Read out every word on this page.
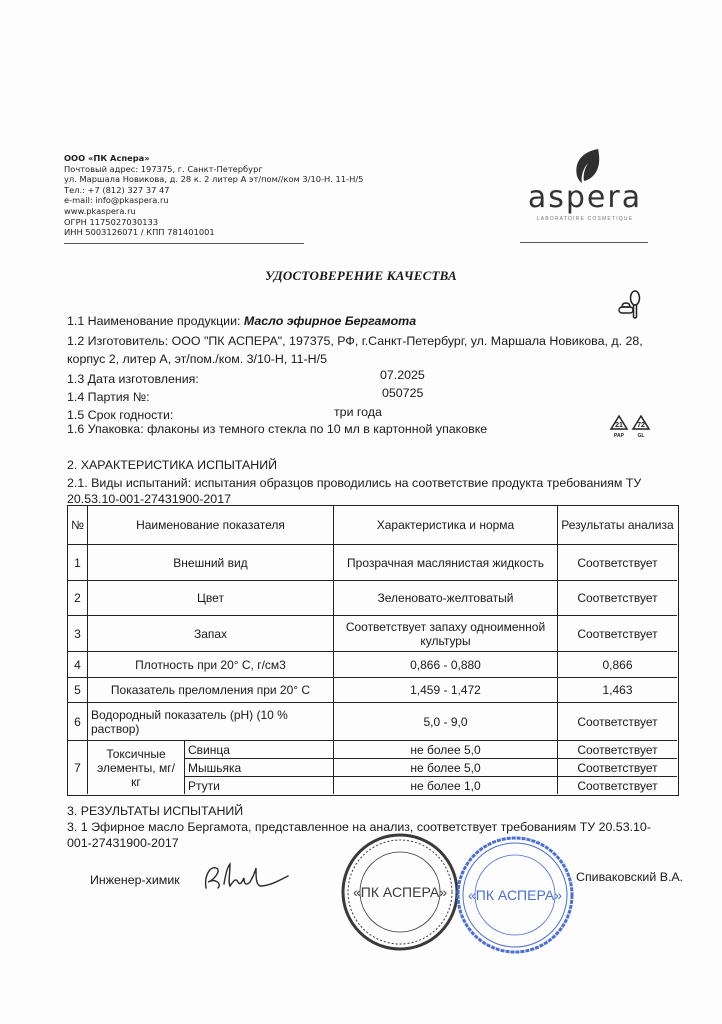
ООО «ПК Аспера»
Почтовый адрес: 197375, г. Санкт-Петербург
ул. Маршала Новикова, д. 28 к. 2 литер А эт/пом//ком 3/10-Н. 11-Н/5
Тел.: +7 (812) 327 37 47
e-mail: info@pkaspera.ru
www.pkaspera.ru
ОГРН 1175027030133
ИНН 5003126071 / КПП 781401001
aspera
LABORATOIRE COSMETIQUE
УДОСТОВЕРЕНИЕ КАЧЕСТВА
1.1 Наименование продукции: Масло эфирное Бергамота
1.2 Изготовитель: ООО "ПК АСПЕРА", 197375, РФ, г.Санкт-Петербург, ул. Маршала Новикова, д. 28,
корпус 2, литер А, эт/пом./ком. 3/10-Н, 11-Н/5
1.3 Дата изготовления:	07.2025
1.4 Партия №:	050725
1.5 Срок годности:	три года
1.6 Упаковка: флаконы из темного стекла по 10 мл в картонной упаковке	21
PAP
72
GL
2. ХАРАКТЕРИСТИКА ИСПЫТАНИЙ
2.1. Виды испытаний: испытания образцов проводились на соответствие продукта требованиям ТУ
20.53.10-001-27431900-2017
№	Наименование показателя	Характеристика и норма	Результаты анализа
1	Внешний вид	Прозрачная маслянистая жидкость	Соответствует
2	Цвет	Зеленовато-желтоватый	Соответствует
3	Запах	Соответствует запаху одноименной культуры	Соответствует
4	Плотность при 20° С, г/см3	0,866 - 0,880	0,866
5	Показатель преломления при 20° С	1,459 - 1,472	1,463
6 Водородный показатель (pH) (10 % раствор)	5,0 - 9,0	Соответствует
7
Токсичные элементы, мг/кг
Свинца	не более 5,0	Соответствует
Мышьяка	не более 5,0	Соответствует
Ртути	не более 1,0	Соответствует
3. РЕЗУЛЬТАТЫ ИСПЫТАНИЙ
3. 1 Эфирное масло Бергамота, представленное на анализ, соответствует требованиям ТУ 20.53.10-
001-27431900-2017
Инженер-химик
«ПК АСПЕРА» «ПК АСПЕРА»
Спиваковский В.А.
